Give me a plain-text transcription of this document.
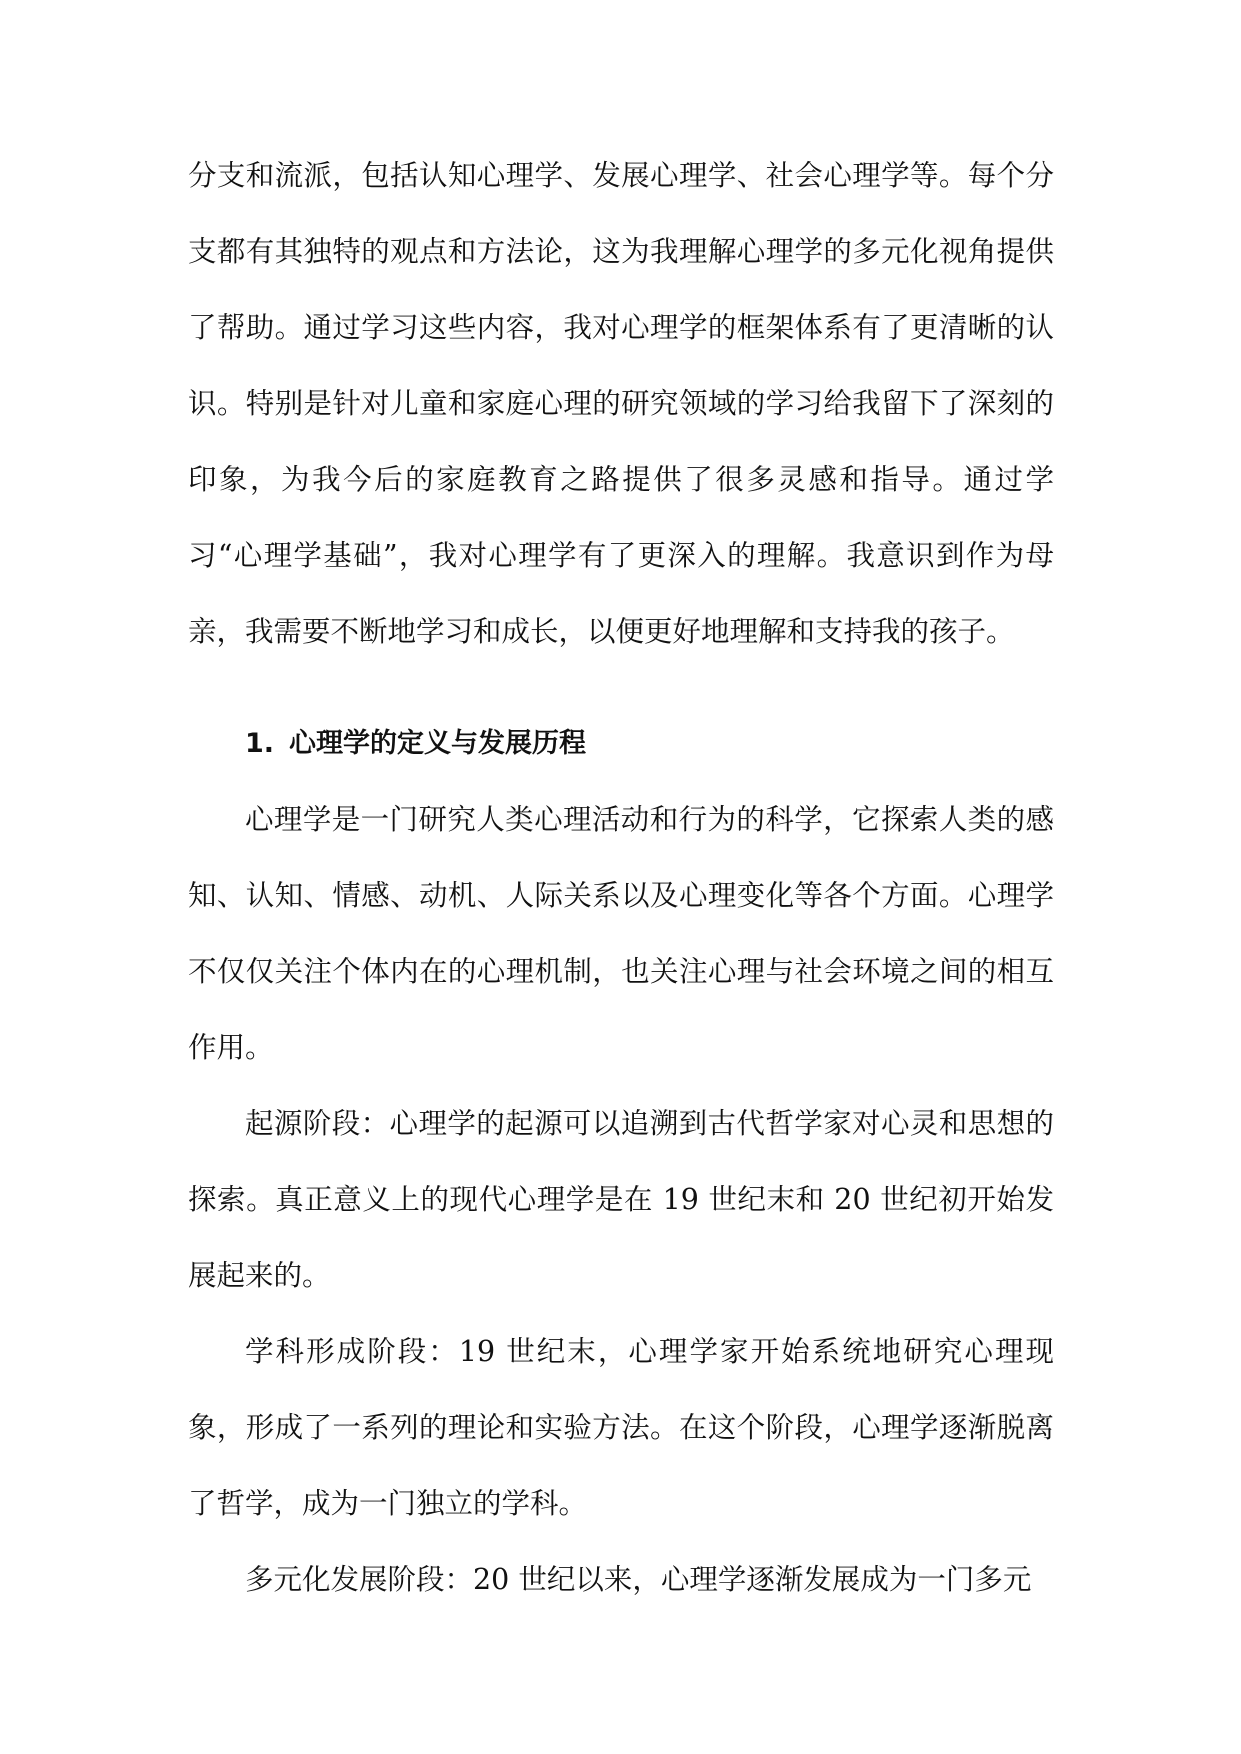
分支和流派，包括认知心理学、发展心理学、社会心理学等。每个分支都有其独特的观点和方法论，这为我理解心理学的多元化视角提供了帮助。通过学习这些内容，我对心理学的框架体系有了更清晰的认识。特别是针对儿童和家庭心理的研究领域的学习给我留下了深刻的印象，为我今后的家庭教育之路提供了很多灵感和指导。通过学习“心理学基础”，我对心理学有了更深入的理解。我意识到作为母亲，我需要不断地学习和成长，以便更好地理解和支持我的孩子。

1. 心理学的定义与发展历程

心理学是一门研究人类心理活动和行为的科学，它探索人类的感知、认知、情感、动机、人际关系以及心理变化等各个方面。心理学不仅仅关注个体内在的心理机制，也关注心理与社会环境之间的相互作用。

起源阶段：心理学的起源可以追溯到古代哲学家对心灵和思想的探索。真正意义上的现代心理学是在 19 世纪末和 20 世纪初开始发展起来的。

学科形成阶段：19 世纪末，心理学家开始系统地研究心理现象，形成了一系列的理论和实验方法。在这个阶段，心理学逐渐脱离了哲学，成为一门独立的学科。

多元化发展阶段：20 世纪以来，心理学逐渐发展成为一门多元
